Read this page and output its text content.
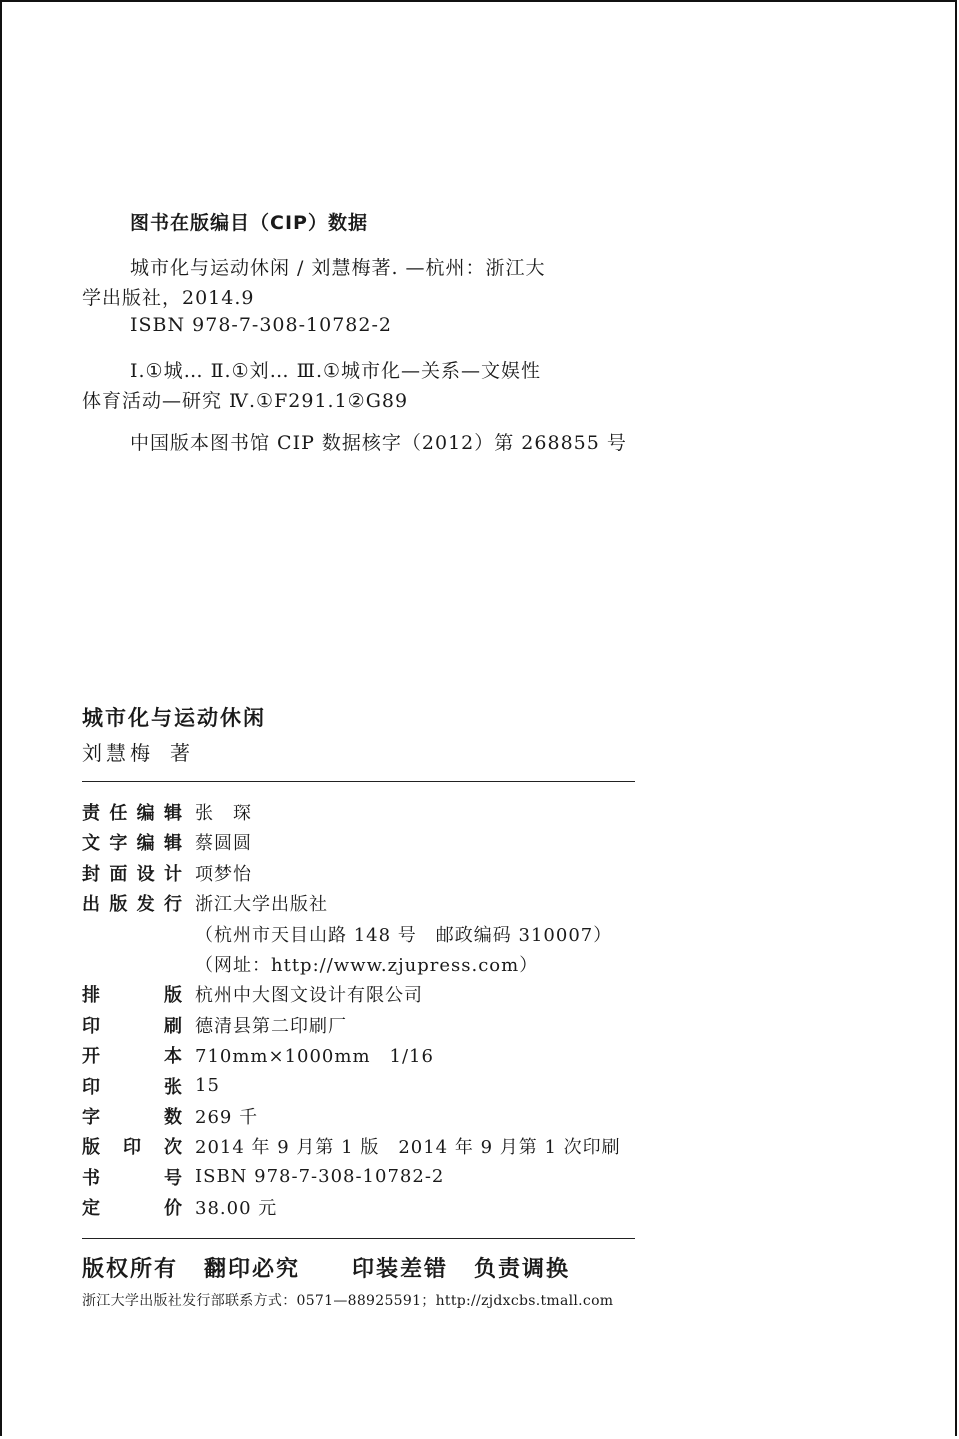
图书在版编目（CIP）数据
城市化与运动休闲 / 刘慧梅著. —杭州：浙江大
学出版社，2014.9
ISBN 978-7-308-10782-2
Ⅰ.①城… Ⅱ.①刘… Ⅲ.①城市化—关系—文娱性
体育活动—研究 Ⅳ.①F291.1②G89
中国版本图书馆 CIP 数据核字（2012）第 268855 号
城市化与运动休闲
刘慧梅 著
责 任 编 辑 张　琛
文 字 编 辑 蔡圆圆
封 面 设 计 项梦怡
出 版 发 行 浙江大学出版社
（杭州市天目山路 148 号　邮政编码 310007）
（网址：http://www.zjupress.com）
排	版 杭州中大图文设计有限公司
印	刷 德清县第二印刷厂
开	本 710mm×1000mm　1/16
印	张 15
字	数 269 千
版 印 次 2014 年 9 月第 1 版　2014 年 9 月第 1 次印刷
书	号 ISBN 978-7-308-10782-2
定	价 38.00 元
版权所有 翻印必究 印装差错 负责调换
浙江大学出版社发行部联系方式：0571—88925591；http://zjdxcbs.tmall.com
